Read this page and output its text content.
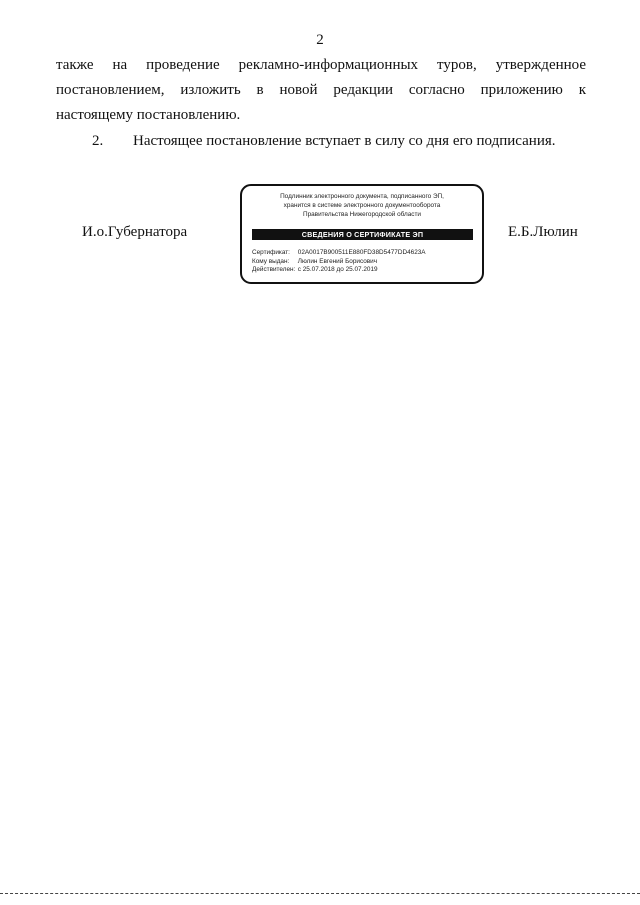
2
также на проведение рекламно-информационных туров, утвержденное
постановлением, изложить в новой редакции согласно приложению к
настоящему постановлению.
2. Настоящее постановление вступает в силу со дня его подписания.
И.о.Губернатора
Подлинник электронного документа, подписанного ЭП,
хранится в системе электронного документооборота
Правительства Нижегородской области
СВЕДЕНИЯ О СЕРТИФИКАТЕ ЭП
Сертификат: 02A0017B900511E880FD38D5477DD4623A
Кому выдан: Люлин Евгений Борисович
Действителен: с 25.07.2018 до 25.07.2019
Е.Б.Люлин
